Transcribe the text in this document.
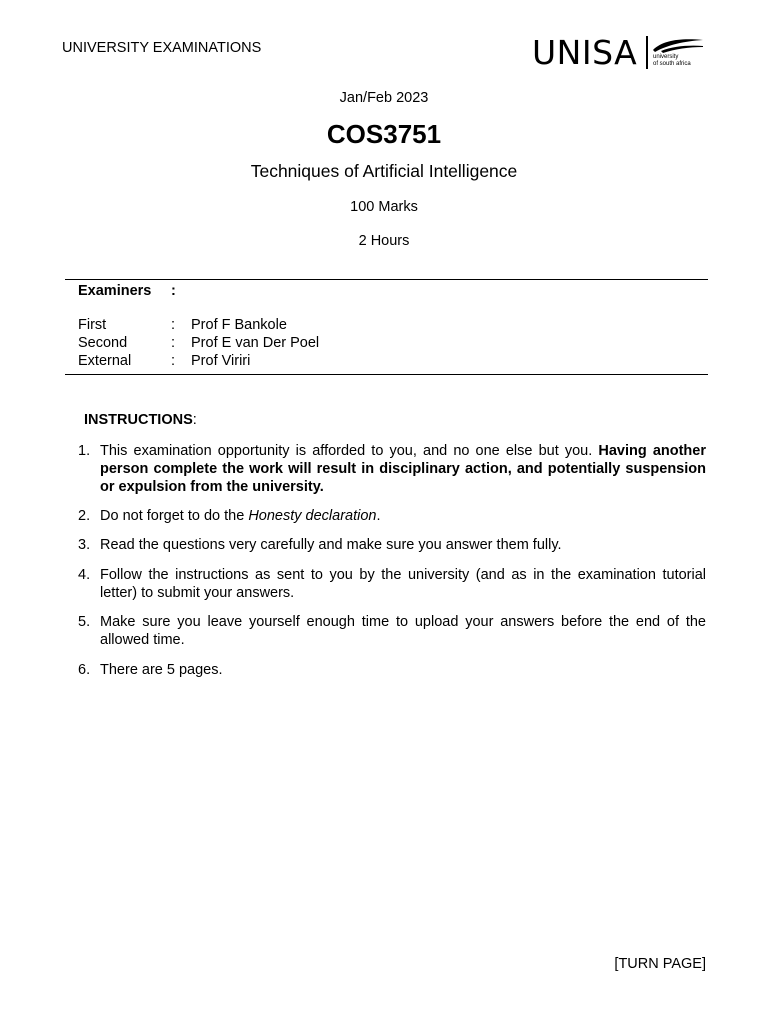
UNIVERSITY EXAMINATIONS	UNISA	university
of south africa
Jan/Feb 2023
COS3751
Techniques of Artificial Intelligence
100 Marks
2 Hours
Examiners :
First	: Prof F Bankole
Second	: Prof E van Der Poel
External	: Prof Viriri
INSTRUCTIONS:
1. This examination opportunity is afforded to you, and no one else but you. Having another person complete the work will result in disciplinary action, and potentially suspension or expulsion from the university.
2. Do not forget to do the Honesty declaration.
3. Read the questions very carefully and make sure you answer them fully.
4. Follow the instructions as sent to you by the university (and as in the examination tutorial letter) to submit your answers.
5. Make sure you leave yourself enough time to upload your answers before the end of the allowed time.
6. There are 5 pages.
[TURN PAGE]
